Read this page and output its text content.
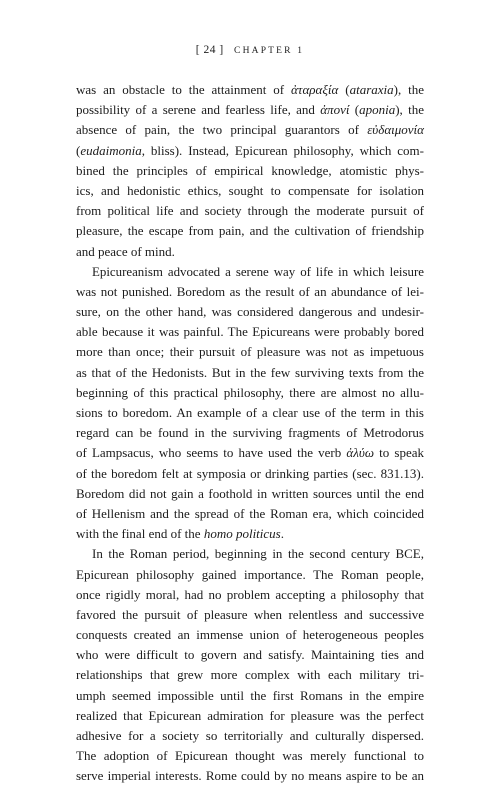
[ 24 ] CHAPTER 1
was an obstacle to the attainment of ἀταραξία (ataraxia), the
possibility of a serene and fearless life, and ἀπονί (aponia), the
absence of pain, the two principal guarantors of εὐδαιμονία
(eudaimonia, bliss). Instead, Epicurean philosophy, which com-
bined the principles of empirical knowledge, atomistic phys-
ics, and hedonistic ethics, sought to compensate for isolation
from political life and society through the moderate pursuit of
pleasure, the escape from pain, and the cultivation of friendship
and peace of mind.
Epicureanism advocated a serene way of life in which leisure
was not punished. Boredom as the result of an abundance of lei-
sure, on the other hand, was considered dangerous and undesir-
able because it was painful. The Epicureans were probably bored
more than once; their pursuit of pleasure was not as impetuous
as that of the Hedonists. But in the few surviving texts from the
beginning of this practical philosophy, there are almost no allu-
sions to boredom. An example of a clear use of the term in this
regard can be found in the surviving fragments of Metrodorus
of Lampsacus, who seems to have used the verb ἀλύω to speak
of the boredom felt at symposia or drinking parties (sec. 831.13).
Boredom did not gain a foothold in written sources until the end
of Hellenism and the spread of the Roman era, which coincided
with the final end of the homo politicus.
In the Roman period, beginning in the second century BCE,
Epicurean philosophy gained importance. The Roman people,
once rigidly moral, had no problem accepting a philosophy that
favored the pursuit of pleasure when relentless and successive
conquests created an immense union of heterogeneous peoples
who were difficult to govern and satisfy. Maintaining ties and
relationships that grew more complex with each military tri-
umph seemed impossible until the first Romans in the empire
realized that Epicurean admiration for pleasure was the perfect
adhesive for a society so territorially and culturally dispersed.
The adoption of Epicurean thought was merely functional to
serve imperial interests. Rome could by no means aspire to be an
